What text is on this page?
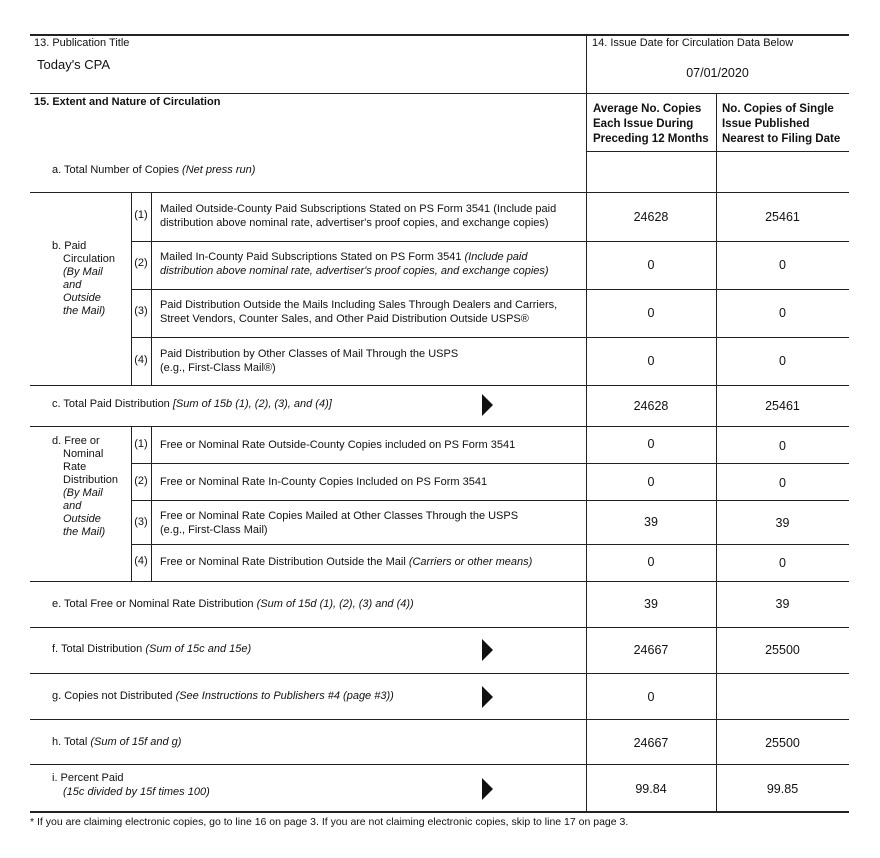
13. Publication Title
Today's CPA
14. Issue Date for Circulation Data Below
07/01/2020
15. Extent and Nature of Circulation
Average No. Copies Each Issue During Preceding 12 Months
No. Copies of Single Issue Published Nearest to Filing Date
a. Total Number of Copies (Net press run)
b. Paid
Circulation
(By Mail
and
Outside
the Mail)
(1) Mailed Outside-County Paid Subscriptions Stated on PS Form 3541 (Include paid
distribution above nominal rate, advertiser's proof copies, and exchange copies)	24628	25461
(2) Mailed In-County Paid Subscriptions Stated on PS Form 3541 (Include paid
distribution above nominal rate, advertiser's proof copies, and exchange copies)	0	0
(3) Paid Distribution Outside the Mails Including Sales Through Dealers and Carriers,
Street Vendors, Counter Sales, and Other Paid Distribution Outside USPS®	0	0
(4) Paid Distribution by Other Classes of Mail Through the USPS
(e.g., First-Class Mail®)	0	0
c. Total Paid Distribution [Sum of 15b (1), (2), (3), and (4)]	24628	25461
d. Free or
Nominal
Rate
Distribution
(By Mail
and
Outside
the Mail)
(1) Free or Nominal Rate Outside-County Copies included on PS Form 3541	0	0
(2) Free or Nominal Rate In-County Copies Included on PS Form 3541	0	0
(3) Free or Nominal Rate Copies Mailed at Other Classes Through the USPS
(e.g., First-Class Mail)
39	39
(4) Free or Nominal Rate Distribution Outside the Mail (Carriers or other means)	0	0
e. Total Free or Nominal Rate Distribution (Sum of 15d (1), (2), (3) and (4))	39	39
f. Total Distribution (Sum of 15c and 15e)	24667	25500
g. Copies not Distributed (See Instructions to Publishers #4 (page #3))	0
h. Total (Sum of 15f and g)	24667	25500
i. Percent Paid
(15c divided by 15f times 100)	99.84	99.85
* If you are claiming electronic copies, go to line 16 on page 3. If you are not claiming electronic copies, skip to line 17 on page 3.
